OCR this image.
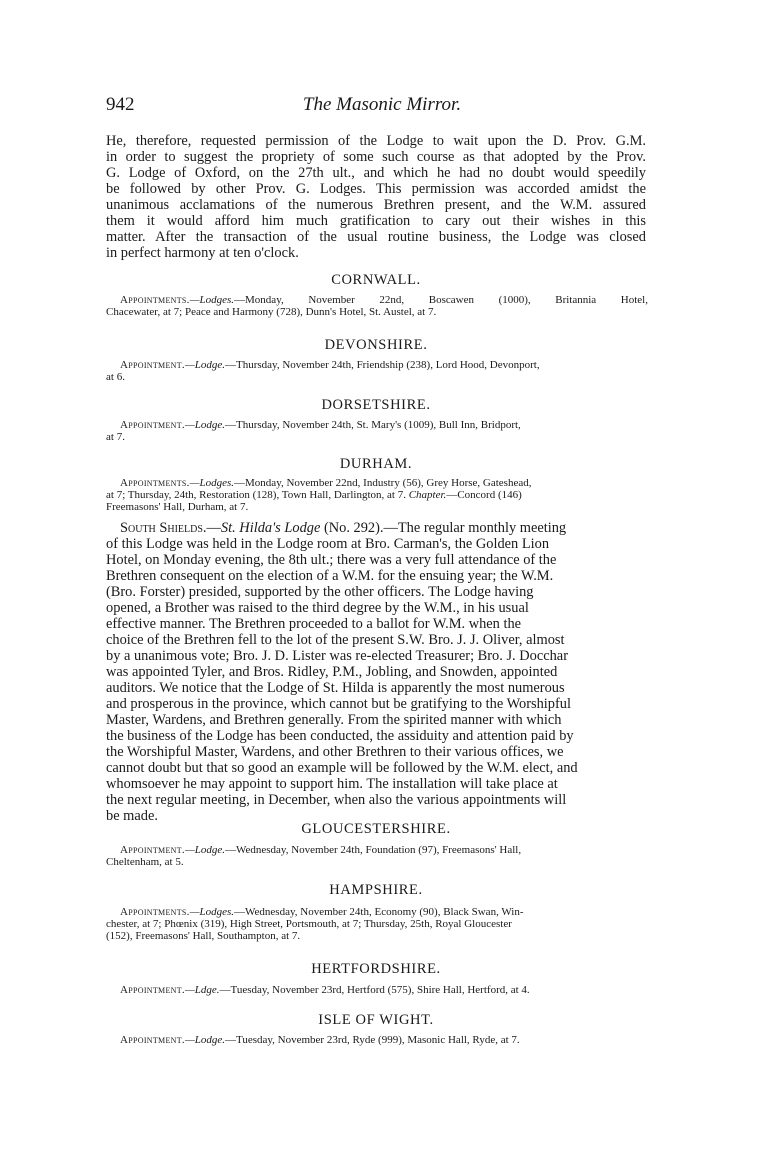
942	The Masonic Mirror.
He, therefore, requested permission of the Lodge to wait upon the D. Prov. G.M.
in order to suggest the propriety of some such course as that adopted by the Prov.
G. Lodge of Oxford, on the 27th ult., and which he had no doubt would speedily
be followed by other Prov. G. Lodges. This permission was accorded amidst the
unanimous acclamations of the numerous Brethren present, and the W.M. assured
them it would afford him much gratification to cary out their wishes in this
matter. After the transaction of the usual routine business, the Lodge was closed
in perfect harmony at ten o'clock.
CORNWALL.
Appointments.—Lodges.—Monday, November 22nd, Boscawen (1000), Britannia Hotel,
Chacewater, at 7; Peace and Harmony (728), Dunn's Hotel, St. Austel, at 7.
DEVONSHIRE.
Appointment.—Lodge.—Thursday, November 24th, Friendship (238), Lord Hood, Devonport,
at 6.
DORSETSHIRE.
Appointment.—Lodge.—Thursday, November 24th, St. Mary's (1009), Bull Inn, Bridport,
at 7.
DURHAM.
Appointments.—Lodges.—Monday, November 22nd, Industry (56), Grey Horse, Gateshead,
at 7; Thursday, 24th, Restoration (128), Town Hall, Darlington, at 7. Chapter.—Concord (146)
Freemasons' Hall, Durham, at 7.
South Shields.—St. Hilda's Lodge (No. 292).—The regular monthly meeting
of this Lodge was held in the Lodge room at Bro. Carman's, the Golden Lion
Hotel, on Monday evening, the 8th ult.; there was a very full attendance of the
Brethren consequent on the election of a W.M. for the ensuing year; the W.M.
(Bro. Forster) presided, supported by the other officers. The Lodge having
opened, a Brother was raised to the third degree by the W.M., in his usual
effective manner. The Brethren proceeded to a ballot for W.M. when the
choice of the Brethren fell to the lot of the present S.W. Bro. J. J. Oliver, almost
by a unanimous vote; Bro. J. D. Lister was re-elected Treasurer; Bro. J. Docchar
was appointed Tyler, and Bros. Ridley, P.M., Jobling, and Snowden, appointed
auditors. We notice that the Lodge of St. Hilda is apparently the most numerous
and prosperous in the province, which cannot but be gratifying to the Worshipful
Master, Wardens, and Brethren generally. From the spirited manner with which
the business of the Lodge has been conducted, the assiduity and attention paid by
the Worshipful Master, Wardens, and other Brethren to their various offices, we
cannot doubt but that so good an example will be followed by the W.M. elect, and
whomsoever he may appoint to support him. The installation will take place at
the next regular meeting, in December, when also the various appointments will
be made.
GLOUCESTERSHIRE.
Appointment.—Lodge.—Wednesday, November 24th, Foundation (97), Freemasons' Hall,
Cheltenham, at 5.
HAMPSHIRE.
Appointments.—Lodges.—Wednesday, November 24th, Economy (90), Black Swan, Win-
chester, at 7; Phœnix (319), High Street, Portsmouth, at 7; Thursday, 25th, Royal Gloucester
(152), Freemasons' Hall, Southampton, at 7.
HERTFORDSHIRE.
Appointment.—Ldge.—Tuesday, November 23rd, Hertford (575), Shire Hall, Hertford, at 4.
ISLE OF WIGHT.
Appointment.—Lodge.—Tuesday, November 23rd, Ryde (999), Masonic Hall, Ryde, at 7.
